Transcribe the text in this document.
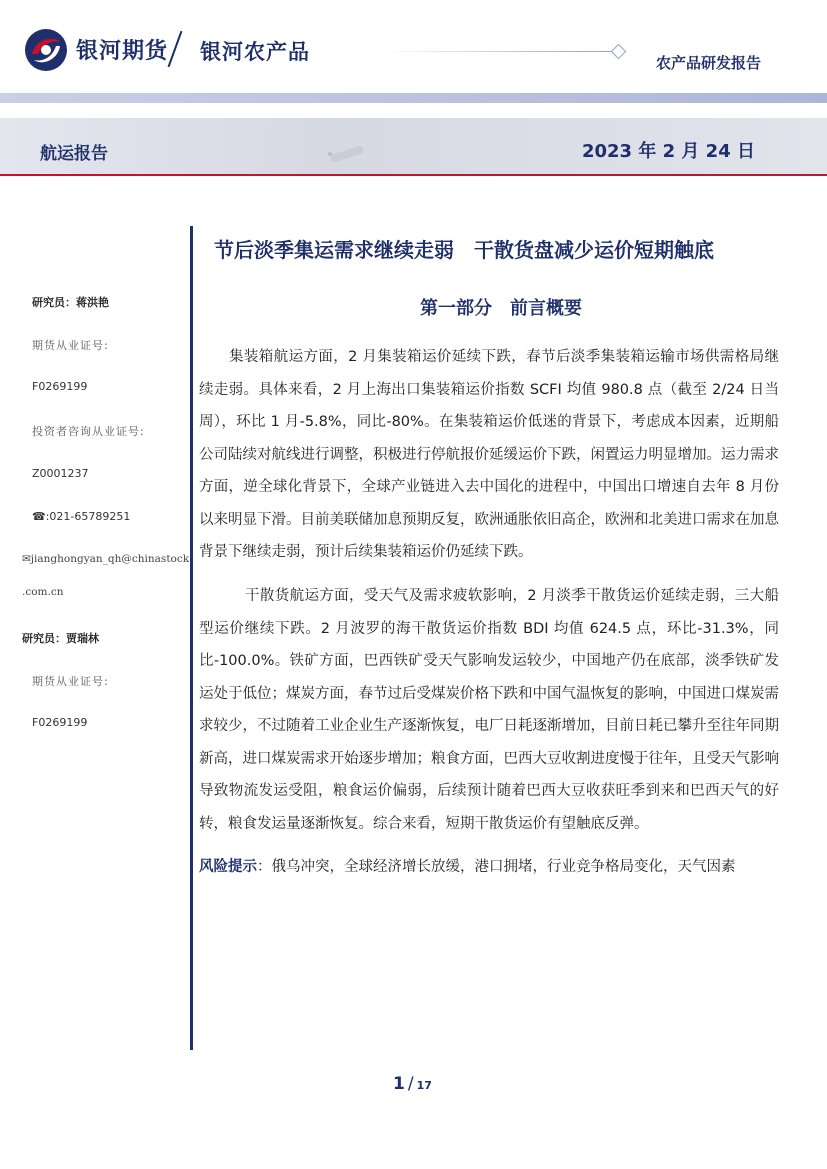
银河期货 银河农产品	农产品研发报告
航运报告	2023 年 2 月 24 日
研究员：蒋洪艳
期货从业证号:
F0269199
投资者咨询从业证号:
Z0001237
☎:021-65789251
✉jianghongyan_qh@chinastock
.com.cn
研究员：贾瑞林
期货从业证号:
F0269199
节后淡季集运需求继续走弱　干散货盘减少运价短期触底
第一部分　前言概要
集装箱航运方面，2 月集装箱运价延续下跌，春节后淡季集装箱运输市场供需格局继续走弱。具体来看，2 月上海出口集装箱运价指数 SCFI 均值 980.8 点（截至 2/24 日当周），环比 1 月-5.8%，同比-80%。在集装箱运价低迷的背景下，考虑成本因素，近期船公司陆续对航线进行调整，积极进行停航报价延缓运价下跌，闲置运力明显增加。运力需求方面，逆全球化背景下，全球产业链进入去中国化的进程中，中国出口增速自去年 8 月份以来明显下滑。目前美联储加息预期反复，欧洲通胀依旧高企，欧洲和北美进口需求在加息背景下继续走弱，预计后续集装箱运价仍延续下跌。
干散货航运方面，受天气及需求疲软影响，2 月淡季干散货运价延续走弱，三大船型运价继续下跌。2 月波罗的海干散货运价指数 BDI 均值 624.5 点，环比-31.3%，同比-100.0%。铁矿方面，巴西铁矿受天气影响发运较少，中国地产仍在底部，淡季铁矿发运处于低位；煤炭方面，春节过后受煤炭价格下跌和中国气温恢复的影响，中国进口煤炭需求较少，不过随着工业企业生产逐渐恢复，电厂日耗逐渐增加，目前日耗已攀升至往年同期新高，进口煤炭需求开始逐步增加；粮食方面，巴西大豆收割进度慢于往年，且受天气影响导致物流发运受阻，粮食运价偏弱，后续预计随着巴西大豆收获旺季到来和巴西天气的好转，粮食发运量逐渐恢复。综合来看，短期干散货运价有望触底反弹。
风险提示：俄乌冲突，全球经济增长放缓，港口拥堵，行业竞争格局变化，天气因素
1 / 17
